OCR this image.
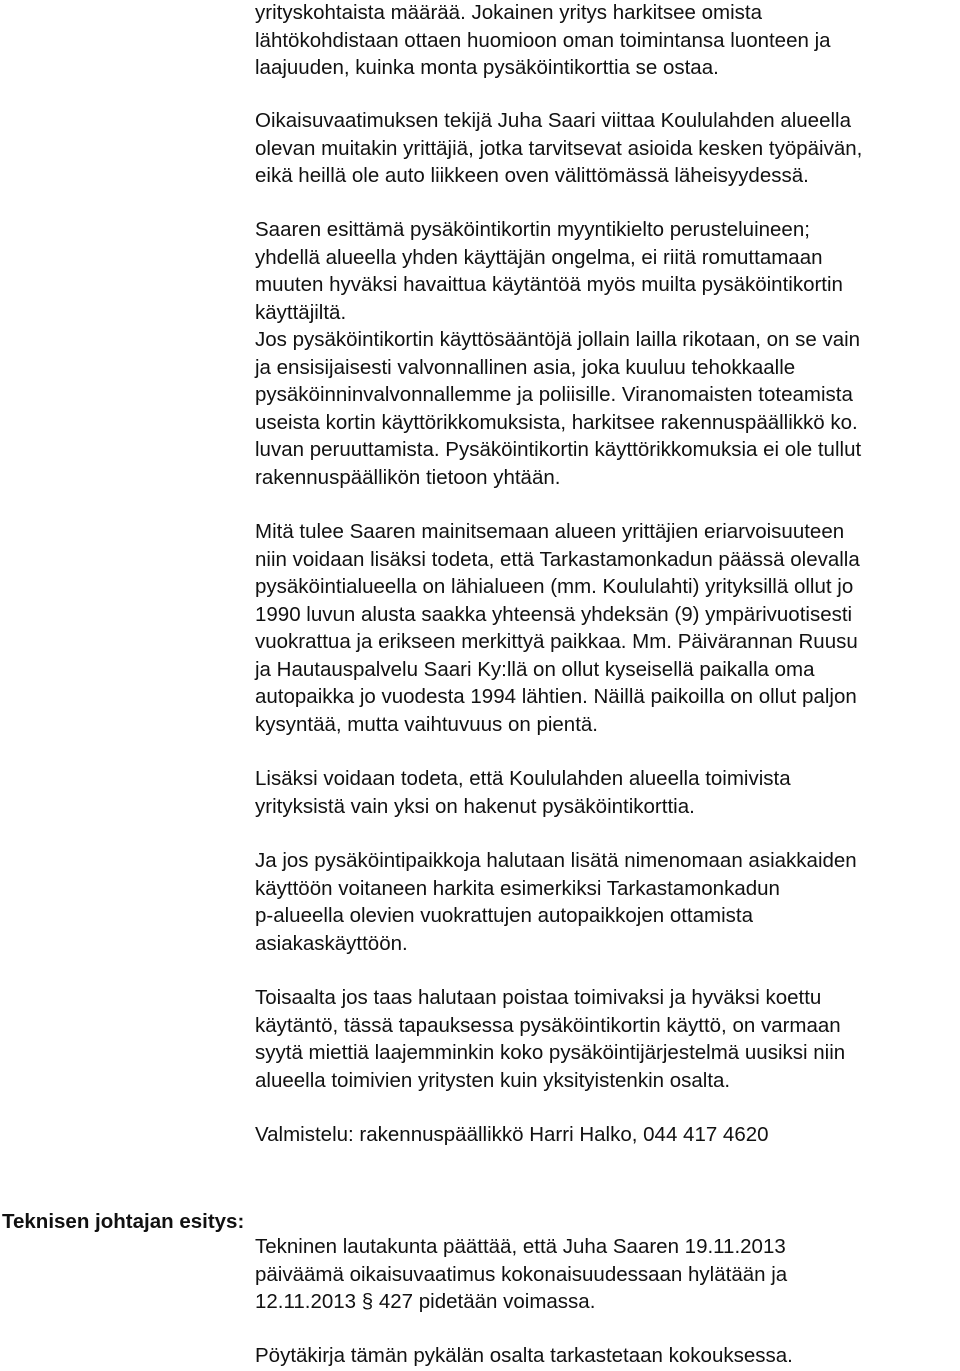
yrityskohtaista määrää. Jokainen yritys harkitsee omista
lähtökohdistaan ottaen huomioon oman toimintansa luonteen ja
laajuuden, kuinka monta pysäköintikorttia se ostaa.

Oikaisuvaatimuksen tekijä Juha Saari viittaa Koululahden alueella
olevan muitakin yrittäjiä, jotka tarvitsevat asioida kesken työpäivän,
eikä heillä ole auto liikkeen oven välittömässä läheisyydessä.

Saaren esittämä pysäköintikortin myyntikielto perusteluineen;
yhdellä alueella yhden käyttäjän ongelma, ei riitä romuttamaan
muuten hyväksi havaittua käytäntöä myös muilta pysäköintikortin
käyttäjiltä.
Jos pysäköintikortin käyttösääntöjä jollain lailla rikotaan, on se vain
ja ensisijaisesti valvonnallinen asia, joka kuuluu tehokkaalle
pysäköinninvalvonnallemme ja poliisille. Viranomaisten toteamista
useista kortin käyttörikkomuksista, harkitsee rakennuspäällikkö ko.
luvan peruuttamista. Pysäköintikortin käyttörikkomuksia ei ole tullut
rakennuspäällikön tietoon yhtään.

Mitä tulee Saaren mainitsemaan alueen yrittäjien eriarvoisuuteen
niin voidaan lisäksi todeta, että Tarkastamonkadun päässä olevalla
pysäköintialueella on lähialueen (mm. Koululahti) yrityksillä ollut jo
1990 luvun alusta saakka yhteensä yhdeksän (9) ympärivuotisesti
vuokrattua ja erikseen merkittyä paikkaa. Mm. Päivärannan Ruusu
ja Hautauspalvelu Saari Ky:llä on ollut kyseisellä paikalla oma
autopaikka jo vuodesta 1994 lähtien. Näillä paikoilla on ollut paljon
kysyntää, mutta vaihtuvuus on pientä.

Lisäksi voidaan todeta, että Koululahden alueella toimivista
yrityksistä vain yksi on hakenut pysäköintikorttia.

Ja jos pysäköintipaikkoja halutaan lisätä nimenomaan asiakkaiden
käyttöön voitaneen harkita esimerkiksi Tarkastamonkadun
p-alueella olevien vuokrattujen autopaikkojen ottamista
asiakaskäyttöön.

Toisaalta jos taas halutaan poistaa toimivaksi ja hyväksi koettu
käytäntö, tässä tapauksessa pysäköintikortin käyttö, on varmaan
syytä miettiä laajemminkin koko pysäköintijärjestelmä uusiksi niin
alueella toimivien yritysten kuin yksityistenkin osalta.

Valmistelu: rakennuspäällikkö Harri Halko, 044 417 4620

Teknisen johtajan esitys:

Tekninen lautakunta päättää, että Juha Saaren 19.11.2013
päiväämä oikaisuvaatimus kokonaisuudessaan hylätään ja
12.11.2013 § 427 pidetään voimassa.

Pöytäkirja tämän pykälän osalta tarkastetaan kokouksessa.
